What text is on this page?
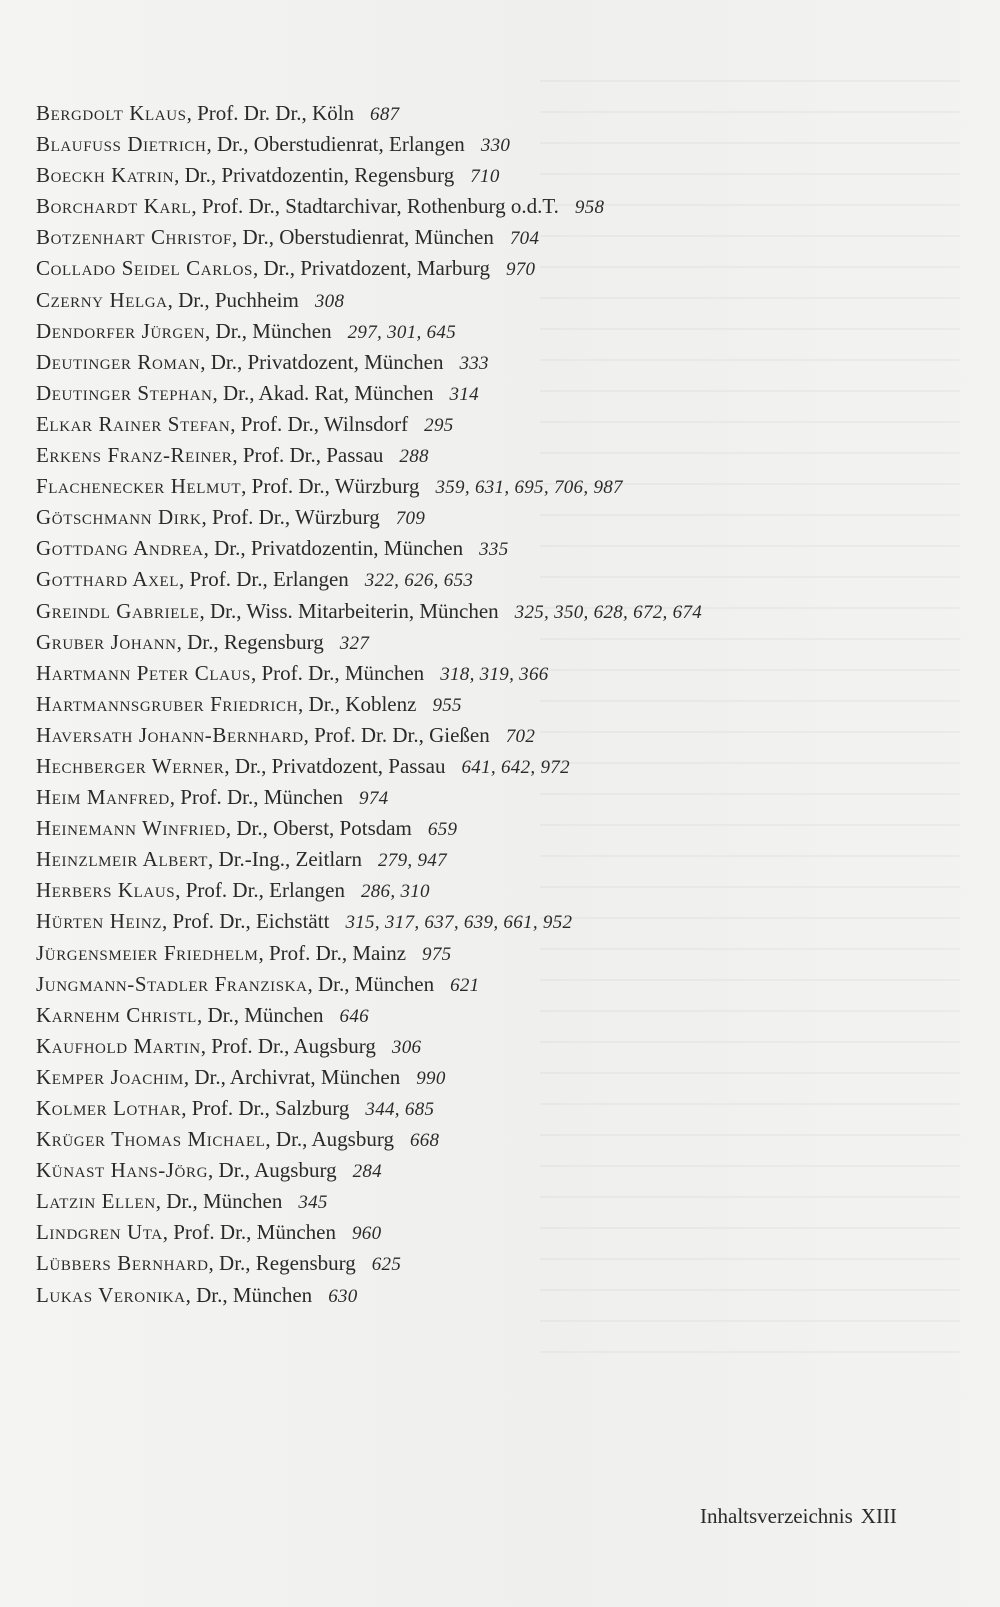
Bergdolt Klaus, Prof. Dr. Dr., Köln 687
Blaufuss Dietrich, Dr., Oberstudienrat, Erlangen 330
Boeckh Katrin, Dr., Privatdozentin, Regensburg 710
Borchardt Karl, Prof. Dr., Stadtarchivar, Rothenburg o.d.T. 958
Botzenhart Christof, Dr., Oberstudienrat, München 704
Collado Seidel Carlos, Dr., Privatdozent, Marburg 970
Czerny Helga, Dr., Puchheim 308
Dendorfer Jürgen, Dr., München 297, 301, 645
Deutinger Roman, Dr., Privatdozent, München 333
Deutinger Stephan, Dr., Akad. Rat, München 314
Elkar Rainer Stefan, Prof. Dr., Wilnsdorf 295
Erkens Franz-Reiner, Prof. Dr., Passau 288
Flachenecker Helmut, Prof. Dr., Würzburg 359, 631, 695, 706, 987
Götschmann Dirk, Prof. Dr., Würzburg 709
Gottdang Andrea, Dr., Privatdozentin, München 335
Gotthard Axel, Prof. Dr., Erlangen 322, 626, 653
Greindl Gabriele, Dr., Wiss. Mitarbeiterin, München 325, 350, 628, 672, 674
Gruber Johann, Dr., Regensburg 327
Hartmann Peter Claus, Prof. Dr., München 318, 319, 366
Hartmannsgruber Friedrich, Dr., Koblenz 955
Haversath Johann-Bernhard, Prof. Dr. Dr., Gießen 702
Hechberger Werner, Dr., Privatdozent, Passau 641, 642, 972
Heim Manfred, Prof. Dr., München 974
Heinemann Winfried, Dr., Oberst, Potsdam 659
Heinzlmeir Albert, Dr.-Ing., Zeitlarn 279, 947
Herbers Klaus, Prof. Dr., Erlangen 286, 310
Hürten Heinz, Prof. Dr., Eichstätt 315, 317, 637, 639, 661, 952
Jürgensmeier Friedhelm, Prof. Dr., Mainz 975
Jungmann-Stadler Franziska, Dr., München 621
Karnehm Christl, Dr., München 646
Kaufhold Martin, Prof. Dr., Augsburg 306
Kemper Joachim, Dr., Archivrat, München 990
Kolmer Lothar, Prof. Dr., Salzburg 344, 685
Krüger Thomas Michael, Dr., Augsburg 668
Künast Hans-Jörg, Dr., Augsburg 284
Latzin Ellen, Dr., München 345
Lindgren Uta, Prof. Dr., München 960
Lübbers Bernhard, Dr., Regensburg 625
Lukas Veronika, Dr., München 630
Inhaltsverzeichnis XIII
